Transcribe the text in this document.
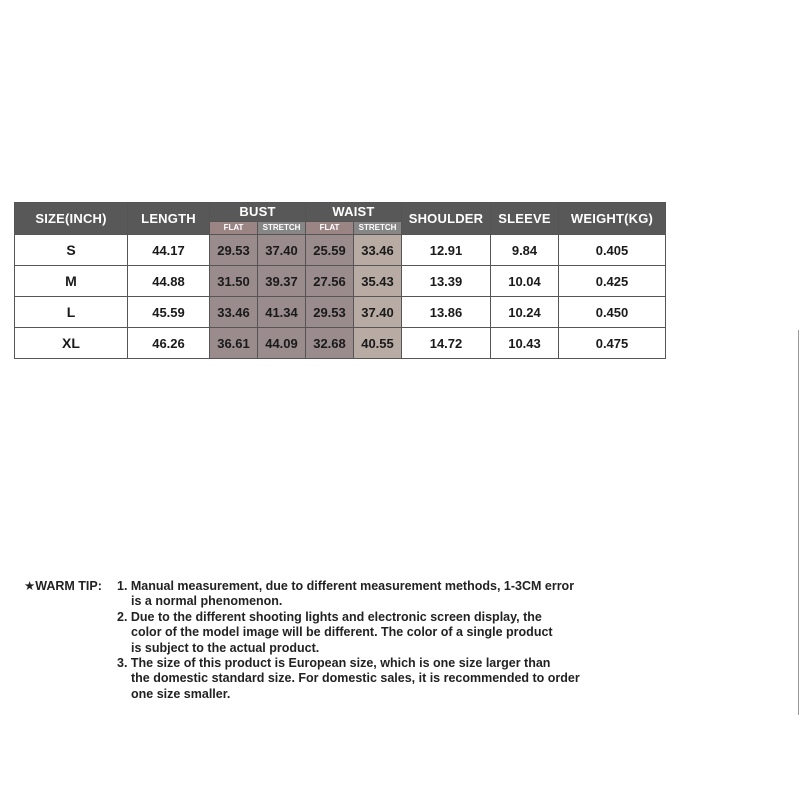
SIZE(INCH)	LENGTH	BUST		WAIST		SHOULDER	SLEEVE	WEIGHT(KG)
		FLAT	STRETCH	FLAT	STRETCH			
S	44.17	29.53	37.40	25.59	33.46	12.91	9.84	0.405
M	44.88	31.50	39.37	27.56	35.43	13.39	10.04	0.425
L	45.59	33.46	41.34	29.53	37.40	13.86	10.24	0.450
XL	46.26	36.61	44.09	32.68	40.55	14.72	10.43	0.475
★WARM TIP: 1. Manual measurement, due to different measurement methods, 1-3CM error
is a normal phenomenon.
2. Due to the different shooting lights and electronic screen display, the
color of the model image will be different. The color of a single product
is subject to the actual product.
3. The size of this product is European size, which is one size larger than
the domestic standard size. For domestic sales, it is recommended to order
one size smaller.
